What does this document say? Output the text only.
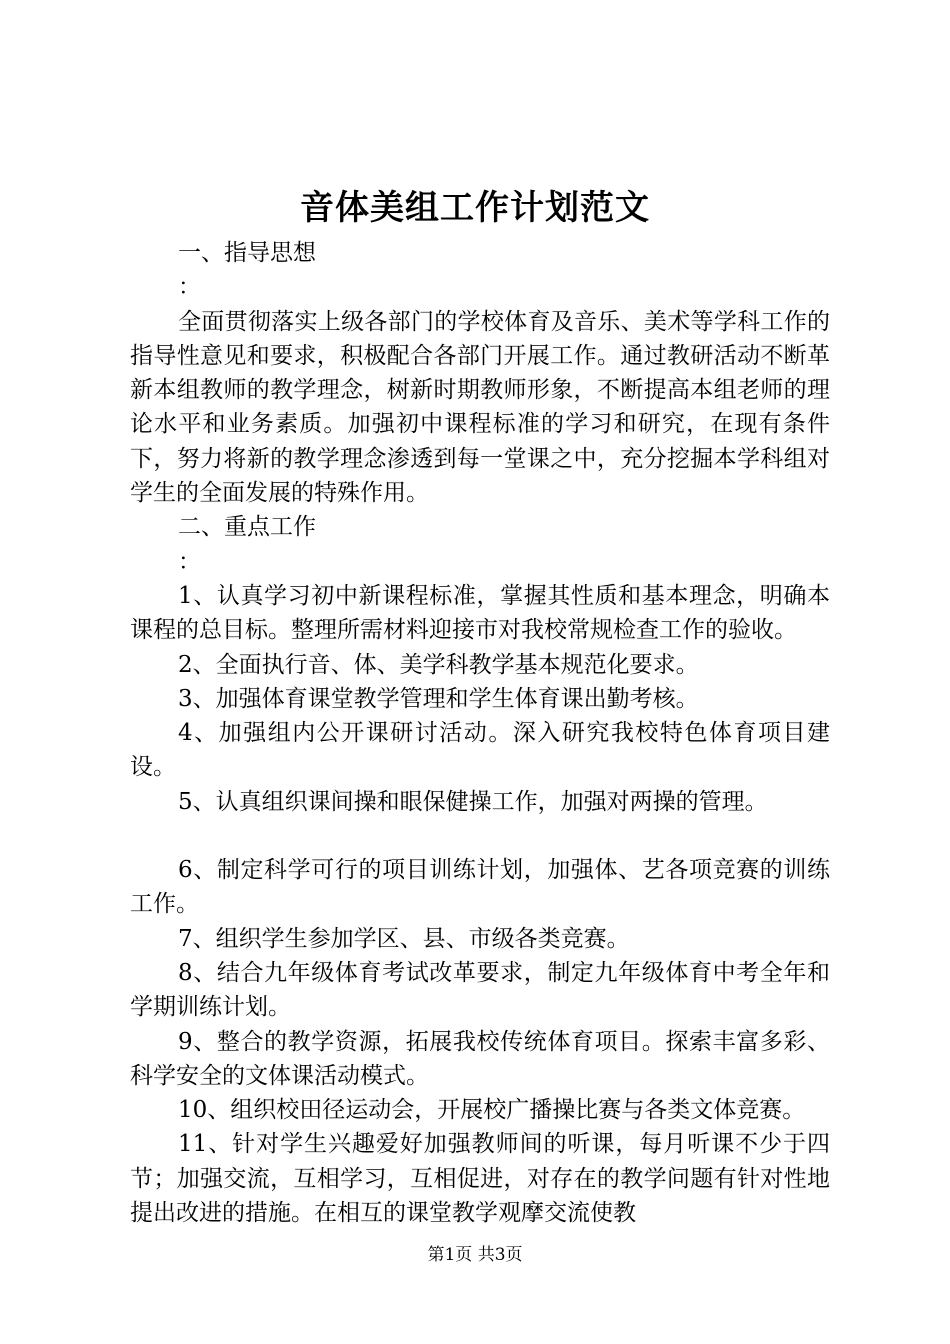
音体美组工作计划范文

一、指导思想

：

全面贯彻落实上级各部门的学校体育及音乐、美术等学科工作的指导性意见和要求，积极配合各部门开展工作。通过教研活动不断革新本组教师的教学理念，树新时期教师形象，不断提高本组老师的理论水平和业务素质。加强初中课程标准的学习和研究，在现有条件下，努力将新的教学理念渗透到每一堂课之中，充分挖掘本学科组对学生的全面发展的特殊作用。

二、重点工作

：

1、认真学习初中新课程标准，掌握其性质和基本理念，明确本课程的总目标。整理所需材料迎接市对我校常规检查工作的验收。

2、全面执行音、体、美学科教学基本规范化要求。

3、加强体育课堂教学管理和学生体育课出勤考核。

4、加强组内公开课研讨活动。深入研究我校特色体育项目建设。

5、认真组织课间操和眼保健操工作，加强对两操的管理。

6、制定科学可行的项目训练计划，加强体、艺各项竞赛的训练工作。

7、组织学生参加学区、县、市级各类竞赛。

8、结合九年级体育考试改革要求，制定九年级体育中考全年和学期训练计划。

9、整合的教学资源，拓展我校传统体育项目。探索丰富多彩、科学安全的文体课活动模式。

10、组织校田径运动会，开展校广播操比赛与各类文体竞赛。

11、针对学生兴趣爱好加强教师间的听课，每月听课不少于四节；加强交流，互相学习，互相促进，对存在的教学问题有针对性地提出改进的措施。在相互的课堂教学观摩交流使教

第1页 共3页
